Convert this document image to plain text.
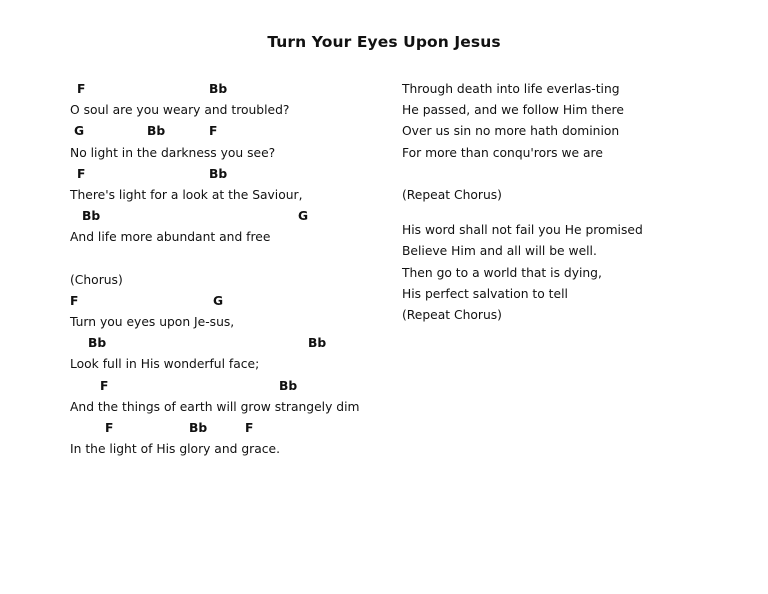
Turn Your Eyes Upon Jesus
F	Bb
O soul are you weary and troubled?
G	Bb	F
No light in the darkness you see?
F	Bb
There's light for a look at the Saviour,
Bb	G
And life more abundant and free
(Chorus)
F	G
Turn you eyes upon Je-sus,
Bb	Bb
Look full in His wonderful face;
F	Bb
And the things of earth will grow strangely dim
F	Bb	F
In the light of His glory and grace.
Through death into life everlas-ting
He passed, and we follow Him there
Over us sin no more hath dominion
For more than conqu'rors we are
(Repeat Chorus)
His word shall not fail you He promised
Believe Him and all will be well.
Then go to a world that is dying,
His perfect salvation to tell
(Repeat Chorus)
